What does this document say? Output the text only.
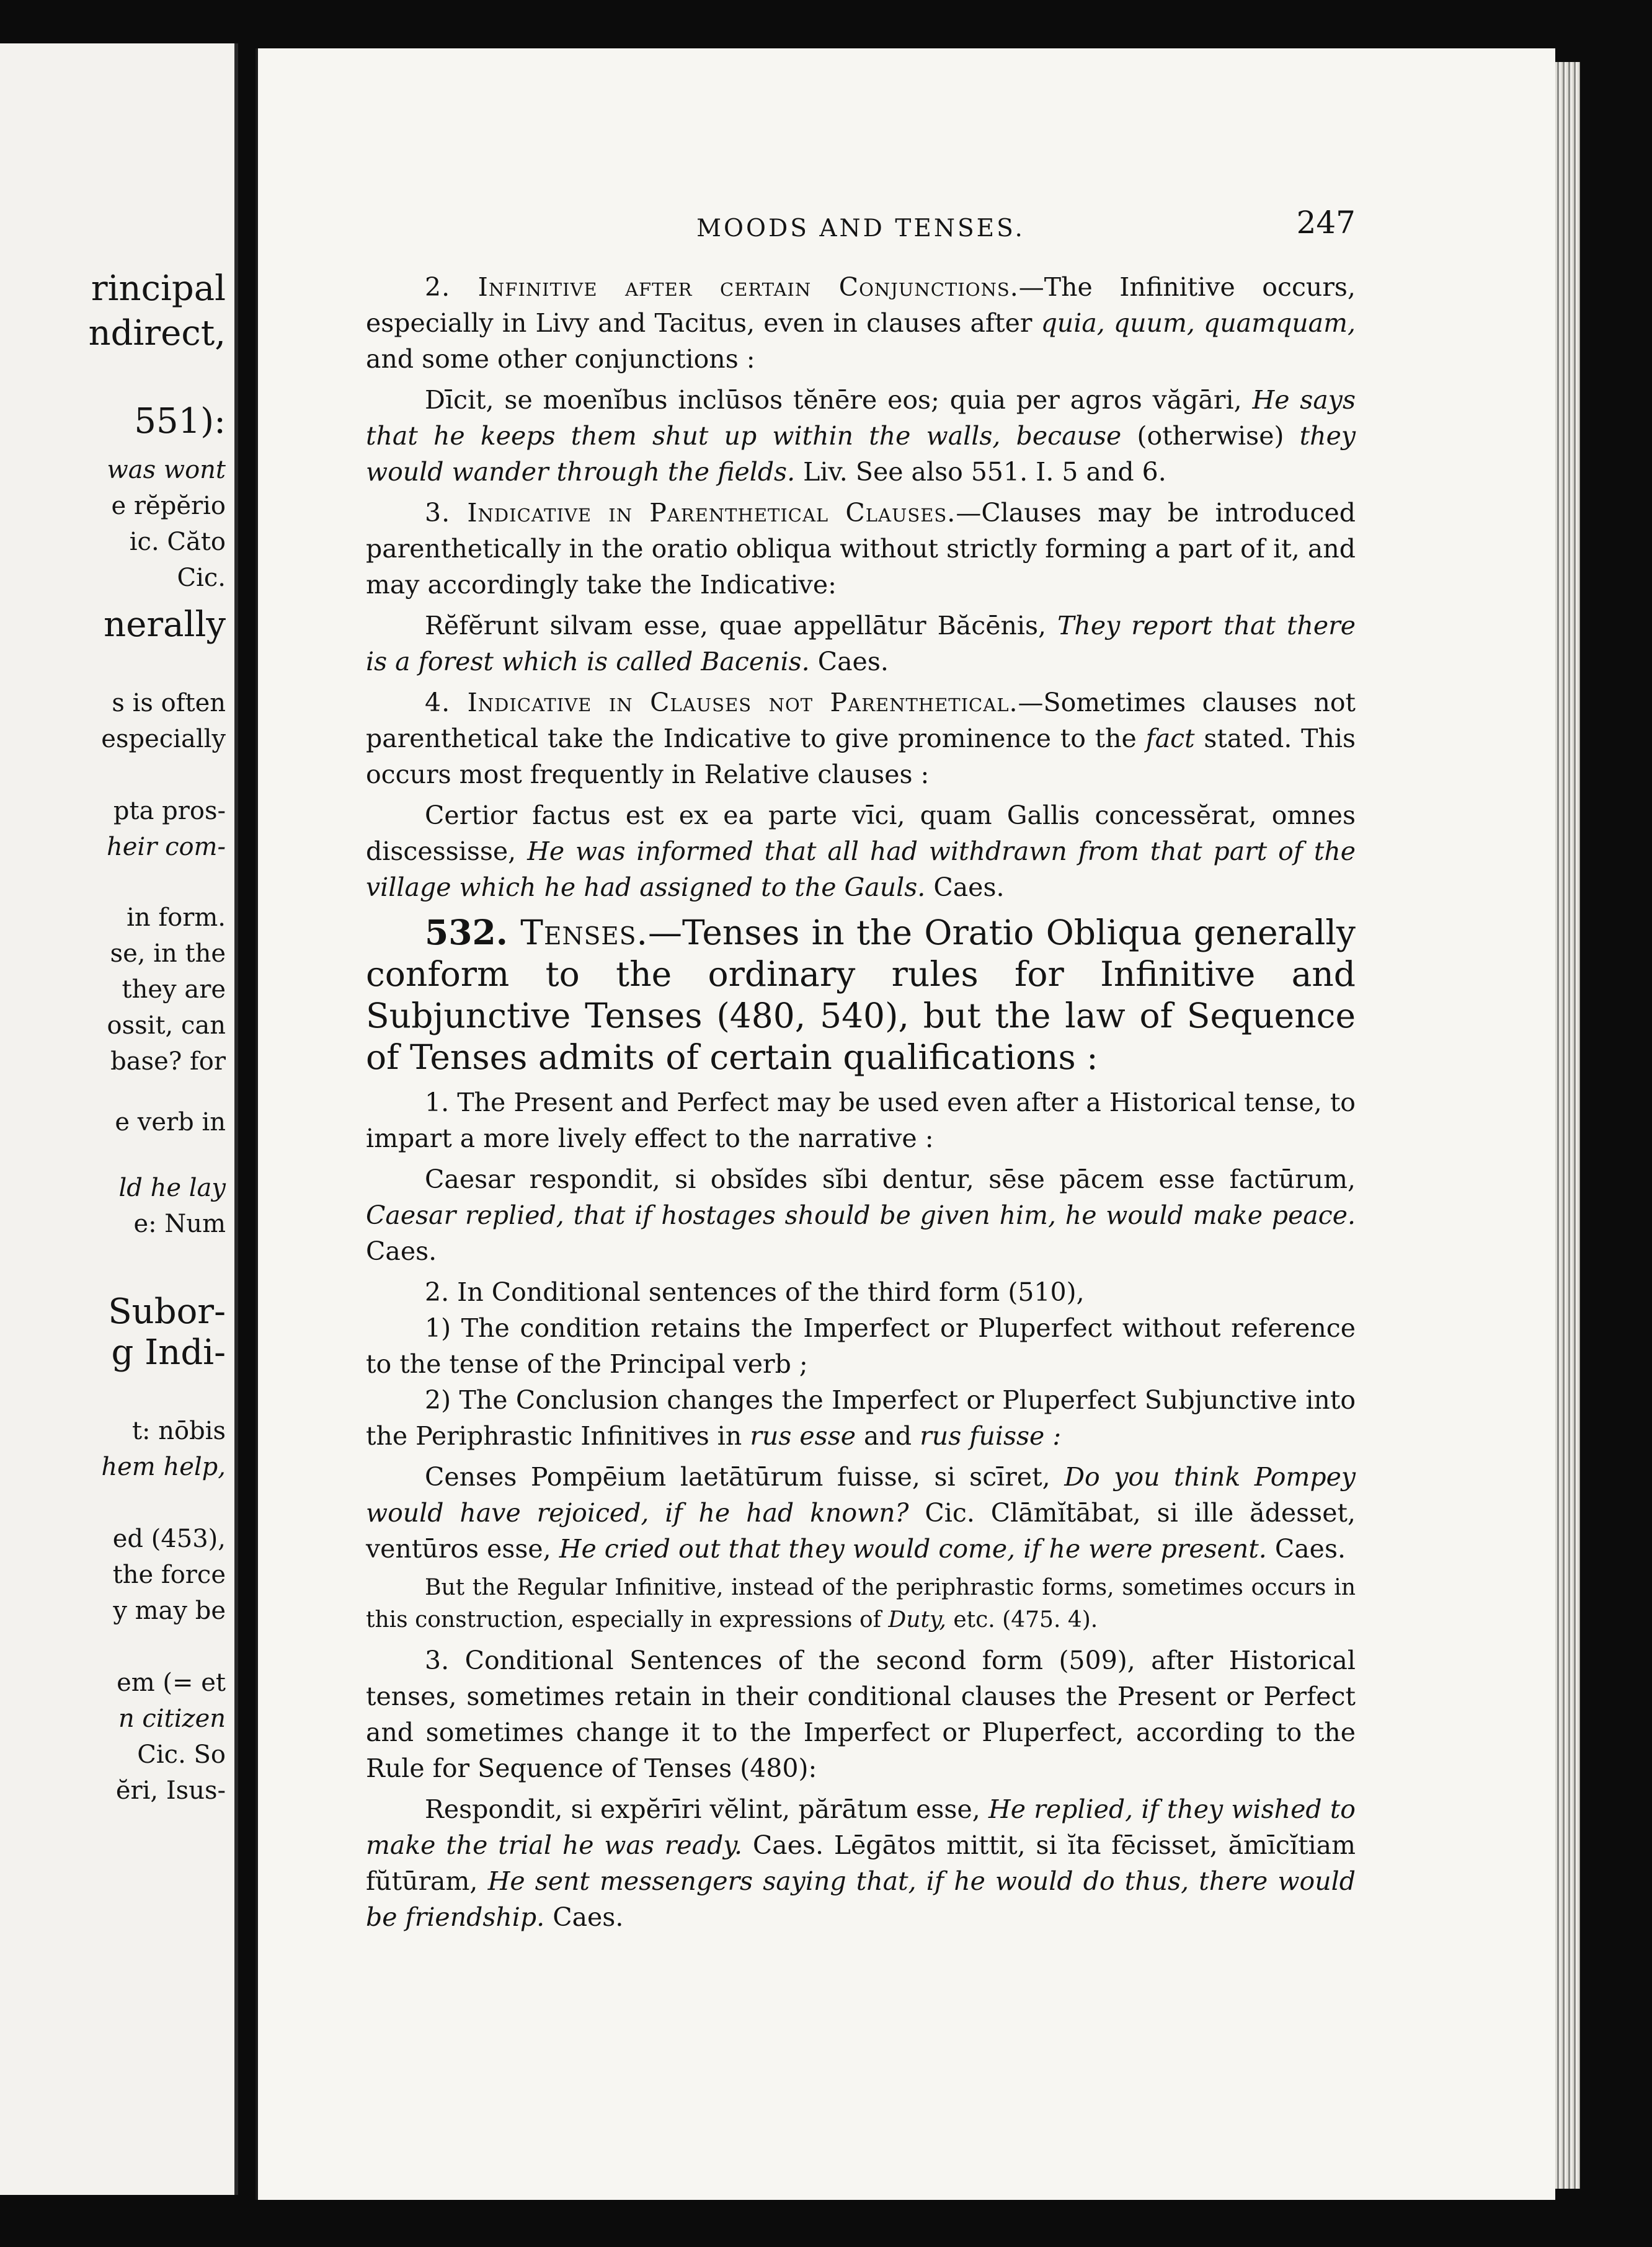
rincipal
ndirect,
551):
was wont
e rĕpĕrio
ic. Căto
Cic.
nerally
s is often
especially
pta pros-
heir com-
in form.
se, in the
they are
ossit, can
base? for
e verb in
ld he lay
e: Num
Subor-
g Indi-
t: nōbis
hem help,
ed (453),
the force
y may be
em (= et
n citizen
Cic. So
ĕri, Isus-
MOODS AND TENSES.	247

2. Infinitive after certain Conjunctions.—The Infinitive occurs, especially in Livy and Tacitus, even in clauses after quia, quum, quamquam, and some other conjunctions :

Dīcit, se moenĭbus inclūsos tĕnēre eos; quia per agros văgāri, He says that he keeps them shut up within the walls, because (otherwise) they would wander through the fields. Liv. See also 551. I. 5 and 6.

3. Indicative in Parenthetical Clauses.—Clauses may be introduced parenthetically in the oratio obliqua without strictly forming a part of it, and may accordingly take the Indicative:

Rĕfĕrunt silvam esse, quae appellātur Băcēnis, They report that there is a forest which is called Bacenis. Caes.

4. Indicative in Clauses not Parenthetical.—Sometimes clauses not parenthetical take the Indicative to give prominence to the fact stated. This occurs most frequently in Relative clauses :

Certior factus est ex ea parte vīci, quam Gallis concessĕrat, omnes discessisse, He was informed that all had withdrawn from that part of the village which he had assigned to the Gauls. Caes.

532. Tenses.—Tenses in the Oratio Obliqua generally conform to the ordinary rules for Infinitive and Subjunctive Tenses (480, 540), but the law of Sequence of Tenses admits of certain qualifications :

1. The Present and Perfect may be used even after a Historical tense, to impart a more lively effect to the narrative :

Caesar respondit, si obsĭdes sĭbi dentur, sēse pācem esse factūrum, Caesar replied, that if hostages should be given him, he would make peace. Caes.

2. In Conditional sentences of the third form (510),

1) The condition retains the Imperfect or Pluperfect without reference to the tense of the Principal verb ;

2) The Conclusion changes the Imperfect or Pluperfect Subjunctive into the Periphrastic Infinitives in rus esse and rus fuisse :

Censes Pompēium laetātūrum fuisse, si scīret, Do you think Pompey would have rejoiced, if he had known? Cic. Clāmĭtābat, si ille ădesset, ventūros esse, He cried out that they would come, if he were present. Caes.

But the Regular Infinitive, instead of the periphrastic forms, sometimes occurs in this construction, especially in expressions of Duty, etc. (475. 4).

3. Conditional Sentences of the second form (509), after Historical tenses, sometimes retain in their conditional clauses the Present or Perfect and sometimes change it to the Imperfect or Pluperfect, according to the Rule for Sequence of Tenses (480):

Respondit, si expĕrīri vĕlint, părātum esse, He replied, if they wished to make the trial he was ready. Caes. Lēgātos mittit, si ĭta fēcisset, ămīcĭtiam fŭtūram, He sent messengers saying that, if he would do thus, there would be friendship. Caes.
